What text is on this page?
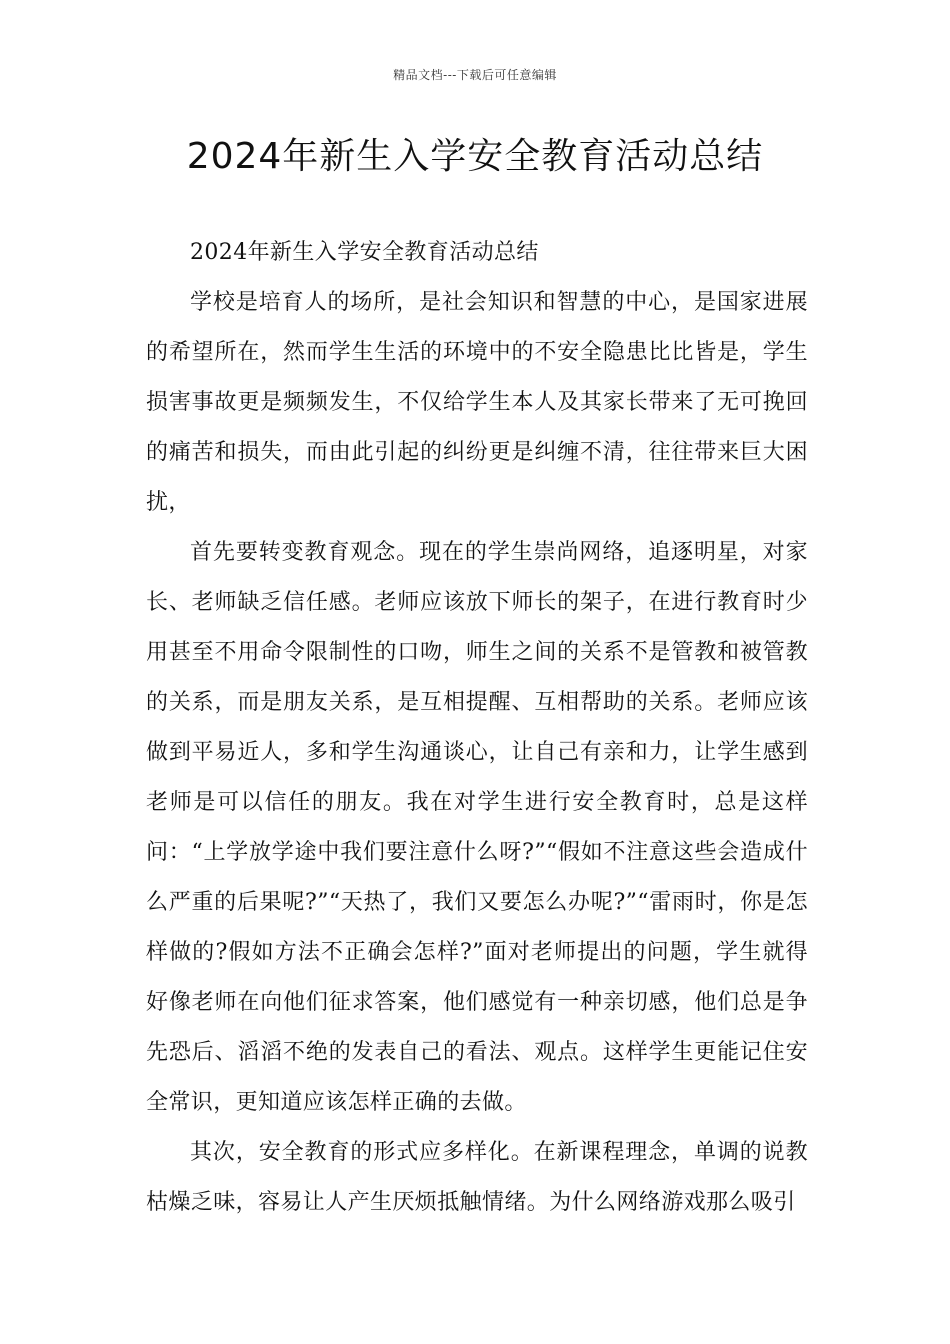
精品文档---下载后可任意编辑
2024年新生入学安全教育活动总结

2024年新生入学安全教育活动总结

学校是培育人的场所，是社会知识和智慧的中心，是国家进展的希望所在，然而学生生活的环境中的不安全隐患比比皆是，学生损害事故更是频频发生，不仅给学生本人及其家长带来了无可挽回的痛苦和损失，而由此引起的纠纷更是纠缠不清，往往带来巨大困扰，

首先要转变教育观念。现在的学生崇尚网络，追逐明星，对家长、老师缺乏信任感。老师应该放下师长的架子，在进行教育时少用甚至不用命令限制性的口吻，师生之间的关系不是管教和被管教的关系，而是朋友关系，是互相提醒、互相帮助的关系。老师应该做到平易近人，多和学生沟通谈心，让自己有亲和力，让学生感到老师是可以信任的朋友。我在对学生进行安全教育时，总是这样问：“上学放学途中我们要注意什么呀?”“假如不注意这些会造成什么严重的后果呢?”“天热了，我们又要怎么办呢?”“雷雨时，你是怎样做的?假如方法不正确会怎样?”面对老师提出的问题，学生就得好像老师在向他们征求答案，他们感觉有一种亲切感，他们总是争先恐后、滔滔不绝的发表自己的看法、观点。这样学生更能记住安全常识，更知道应该怎样正确的去做。

其次，安全教育的形式应多样化。在新课程理念，单调的说教枯燥乏味，容易让人产生厌烦抵触情绪。为什么网络游戏那么吸引
